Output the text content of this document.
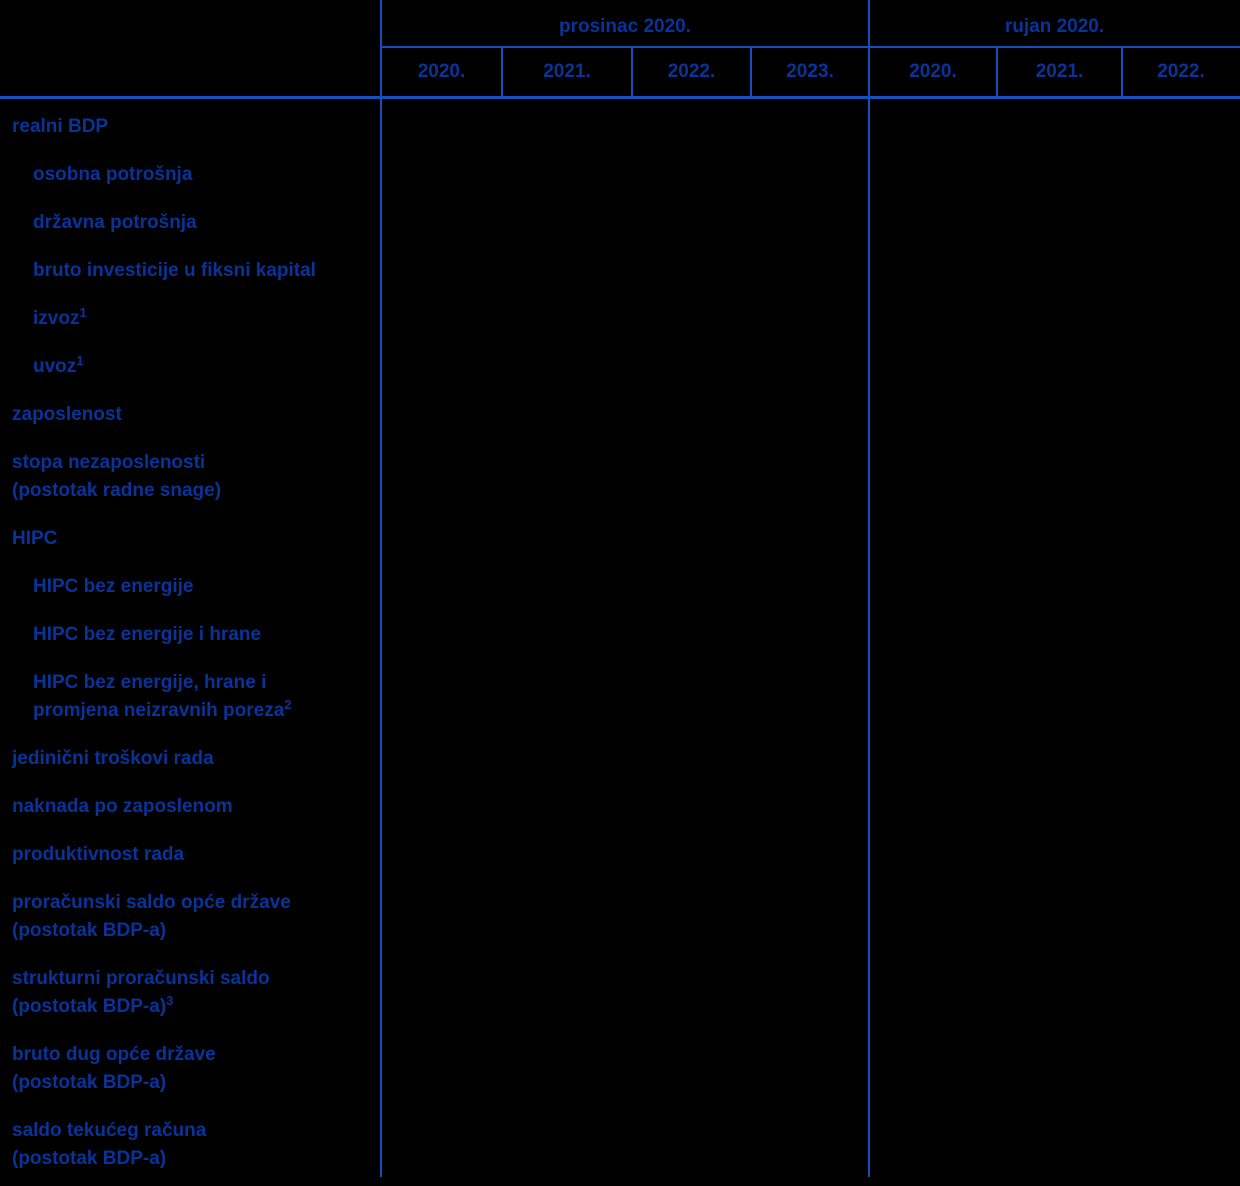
prosinac 2020.	rujan 2020.
2020.	2021.	2022.	2023.	2020.	2021.	2022.
realni BDP
osobna potrošnja
državna potrošnja
bruto investicije u fiksni kapital
izvoz$^1$
uvoz$^1$
zaposlenost
stopa nezaposlenosti
(postotak radne snage)
HIPC
HIPC bez energije
HIPC bez energije i hrane
HIPC bez energije, hrane i
promjena neizravnih poreza$^2$
jedinični troškovi rada
naknada po zaposlenom
produktivnost rada
proračunski saldo opće države
(postotak BDP-a)
strukturni proračunski saldo
(postotak BDP-a)$^3$
bruto dug opće države
(postotak BDP-a)
saldo tekućeg računa
(postotak BDP-a)
